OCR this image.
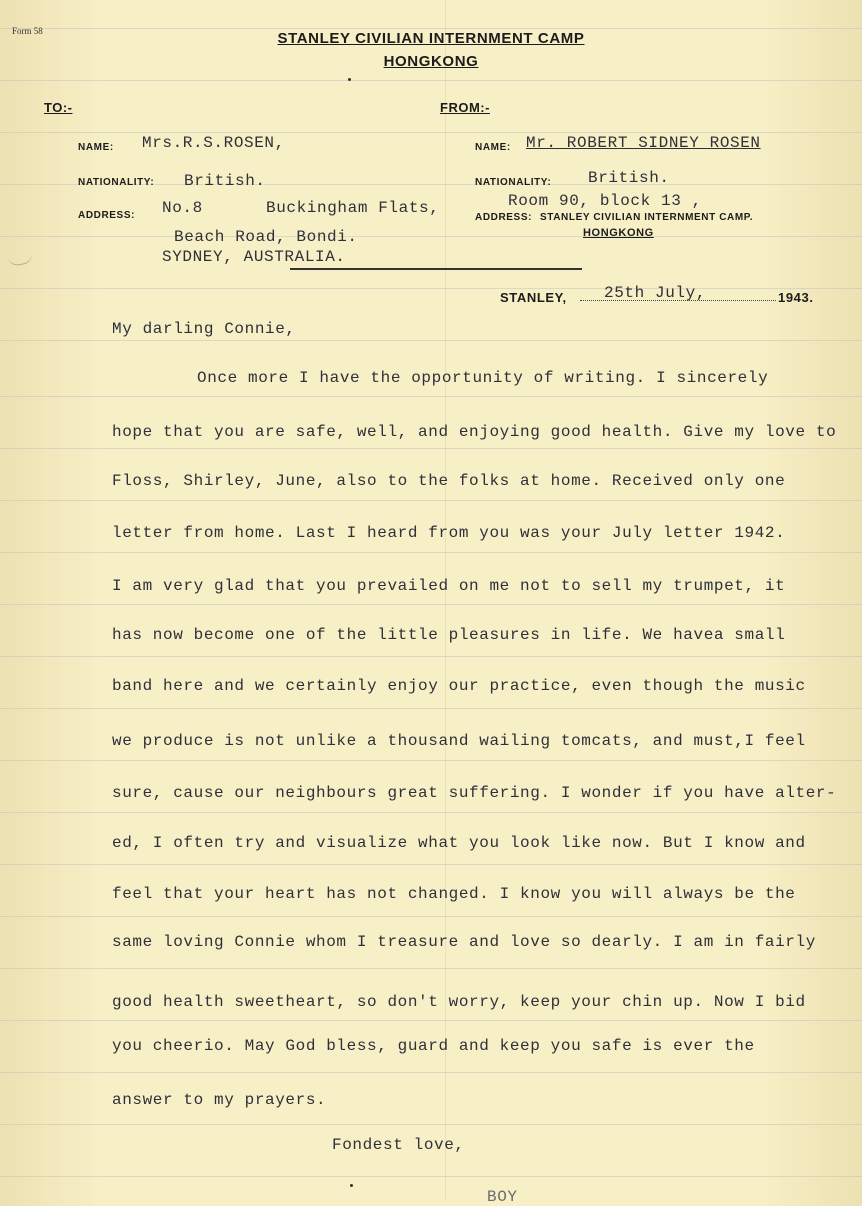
Form 58	STANLEY CIVILIAN INTERNMENT CAMP
HONGKONG
TO:-
NAME: Mrs.R.S.ROSEN,
NATIONALITY: British.
ADDRESS: No.8	Buckingham Flats,
Beach Road, Bondi.
SYDNEY, AUSTRALIA.
FROM:-
NAME: Mr. ROBERT SIDNEY ROSEN
NATIONALITY: British.
Room 90, block 13 ,
ADDRESS: STANLEY CIVILIAN INTERNMENT CAMP.
HONGKONG
STANLEY, 25th July,	1943.
My darling Connie,
Once more I have the opportunity of writing. I sincerely
hope that you are safe, well, and enjoying good health. Give my love to
Floss, Shirley, June, also to the folks at home. Received only one
letter from home. Last I heard from you was your July letter 1942.
I am very glad that you prevailed on me not to sell my trumpet, it
has now become one of the little pleasures in life. We havea small
band here and we certainly enjoy our practice, even though the music
we produce is not unlike a thousand wailing tomcats, and must,I feel
sure, cause our neighbours great suffering. I wonder if you have alter-
ed, I often try and visualize what you look like now. But I know and
feel that your heart has not changed. I know you will always be the
same loving Connie whom I treasure and love so dearly. I am in fairly
good health sweetheart, so don't worry, keep your chin up. Now I bid
you cheerio. May God bless, guard and keep you safe is ever the
answer to my prayers.
Fondest love,
BOY
